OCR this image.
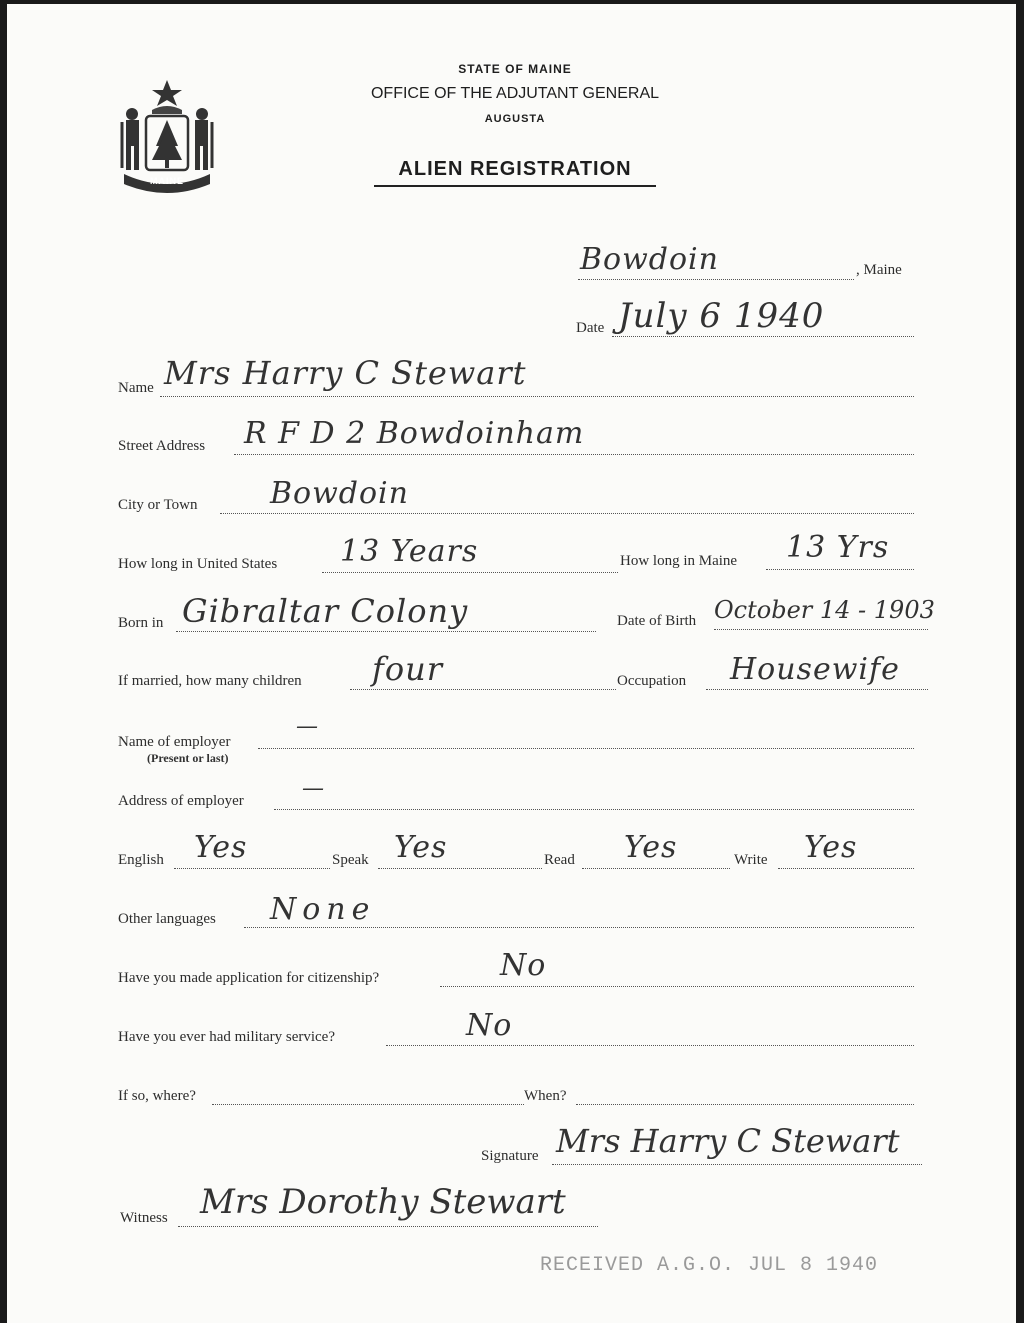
MAINE
STATE OF MAINE
OFFICE OF THE ADJUTANT GENERAL
AUGUSTA
ALIEN REGISTRATION
Bowdoin	, Maine
Date July 6 1940
Name Mrs Harry C Stewart
Street Address R F D 2 Bowdoinham
City or Town Bowdoin
How long in United States 13 Years	How long in Maine 13 Yrs
Born in Gibraltar Colony	Date of Birth October 14 - 1903
If married, how many children four	Occupation Housewife
Name of employer
(Present or last)
—
Address of employer	—
English Yes	Speak Yes	Read Yes	Write Yes
Other languages None
Have you made application for citizenship?	No
Have you ever had military service?	No
If so, where?	When?
Signature Mrs Harry C Stewart
Witness Mrs Dorothy Stewart
RECEIVED A.G.O. JUL 8 1940
